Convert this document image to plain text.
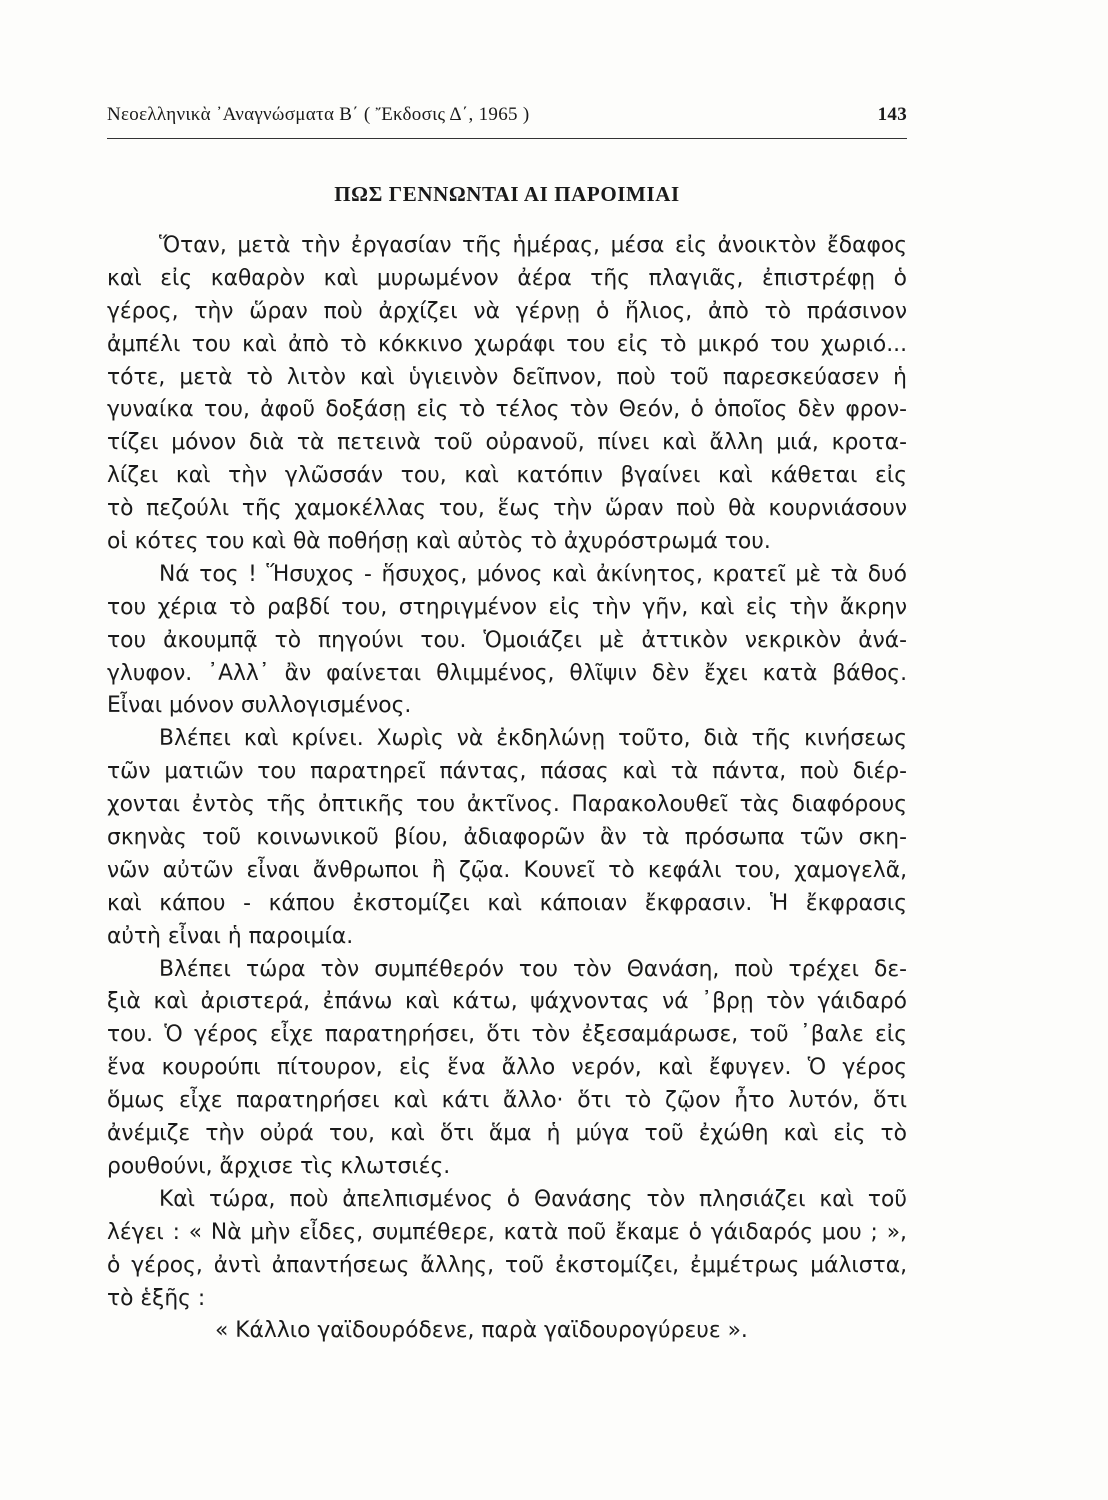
Νεοελληνικὰ ᾿Αναγνώσματα Β΄ ( Ἔκδοσις Δ΄, 1965 )	143
ΠΩΣ ΓΕΝΝΩΝΤΑΙ ΑΙ ΠΑΡΟΙΜΙΑΙ
Ὅταν, μετὰ τὴν ἐργασίαν τῆς ἡμέρας, μέσα εἰς ἀνοικτὸν ἔδαφος
καὶ εἰς καθαρὸν καὶ μυρωμένον ἀέρα τῆς πλαγιᾶς, ἐπιστρέφῃ ὁ
γέρος, τὴν ὥραν ποὺ ἀρχίζει νὰ γέρνῃ ὁ ἥλιος, ἀπὸ τὸ πράσινον
ἀμπέλι του καὶ ἀπὸ τὸ κόκκινο χωράφι του εἰς τὸ μικρό του χωριό...
τότε, μετὰ τὸ λιτὸν καὶ ὑγιεινὸν δεῖπνον, ποὺ τοῦ παρεσκεύασεν ἡ
γυναίκα του, ἀφοῦ δοξάσῃ εἰς τὸ τέλος τὸν Θεόν, ὁ ὁποῖος δὲν φρον-
τίζει μόνον διὰ τὰ πετεινὰ τοῦ οὐρανοῦ, πίνει καὶ ἄλλη μιά, κροτα-
λίζει καὶ τὴν γλῶσσάν του, καὶ κατόπιν βγαίνει καὶ κάθεται εἰς
τὸ πεζούλι τῆς χαμοκέλλας του, ἕως τὴν ὥραν ποὺ θὰ κουρνιάσουν
οἱ κότες του καὶ θὰ ποθήσῃ καὶ αὐτὸς τὸ ἀχυρόστρωμά του.
Νά τος ! Ἥσυχος - ἥσυχος, μόνος καὶ ἀκίνητος, κρατεῖ μὲ τὰ δυό
του χέρια τὸ ραβδί του, στηριγμένον εἰς τὴν γῆν, καὶ εἰς τὴν ἄκρην
του ἀκουμπᾷ τὸ πηγούνι του. Ὁμοιάζει μὲ ἀττικὸν νεκρικὸν ἀνά-
γλυφον. ᾿Αλλ᾿ ἂν φαίνεται θλιμμένος, θλῖψιν δὲν ἔχει κατὰ βάθος.
Εἶναι μόνον συλλογισμένος.
Βλέπει καὶ κρίνει. Χωρὶς νὰ ἐκδηλώνῃ τοῦτο, διὰ τῆς κινήσεως
τῶν ματιῶν του παρατηρεῖ πάντας, πάσας καὶ τὰ πάντα, ποὺ διέρ-
χονται ἐντὸς τῆς ὀπτικῆς του ἀκτῖνος. Παρακολουθεῖ τὰς διαφόρους
σκηνὰς τοῦ κοινωνικοῦ βίου, ἀδιαφορῶν ἂν τὰ πρόσωπα τῶν σκη-
νῶν αὐτῶν εἶναι ἄνθρωποι ἢ ζῷα. Κουνεῖ τὸ κεφάλι του, χαμογελᾶ,
καὶ κάπου - κάπου ἐκστομίζει καὶ κάποιαν ἔκφρασιν. Ἡ ἔκφρασις
αὐτὴ εἶναι ἡ παροιμία.
Βλέπει τώρα τὸν συμπέθερόν του τὸν Θανάση, ποὺ τρέχει δε-
ξιὰ καὶ ἀριστερά, ἐπάνω καὶ κάτω, ψάχνοντας νά ᾿βρῃ τὸν γάιδαρό
του. Ὁ γέρος εἶχε παρατηρήσει, ὅτι τὸν ἐξεσαμάρωσε, τοῦ ᾿βαλε εἰς
ἕνα κουρούπι πίτουρον, εἰς ἕνα ἄλλο νερόν, καὶ ἔφυγεν. Ὁ γέρος
ὅμως εἶχε παρατηρήσει καὶ κάτι ἄλλο· ὅτι τὸ ζῷον ἦτο λυτόν, ὅτι
ἀνέμιζε τὴν οὐρά του, καὶ ὅτι ἅμα ἡ μύγα τοῦ ἐχώθη καὶ εἰς τὸ
ρουθούνι, ἄρχισε τὶς κλωτσιές.
Καὶ τώρα, ποὺ ἀπελπισμένος ὁ Θανάσης τὸν πλησιάζει καὶ τοῦ
λέγει : « Νὰ μὴν εἶδες, συμπέθερε, κατὰ ποῦ ἔκαμε ὁ γάιδαρός μου ; »,
ὁ γέρος, ἀντὶ ἀπαντήσεως ἄλλης, τοῦ ἐκστομίζει, ἐμμέτρως μάλιστα,
τὸ ἑξῆς :
« Κάλλιο γαϊδουρόδενε, παρὰ γαϊδουρογύρευε ».
